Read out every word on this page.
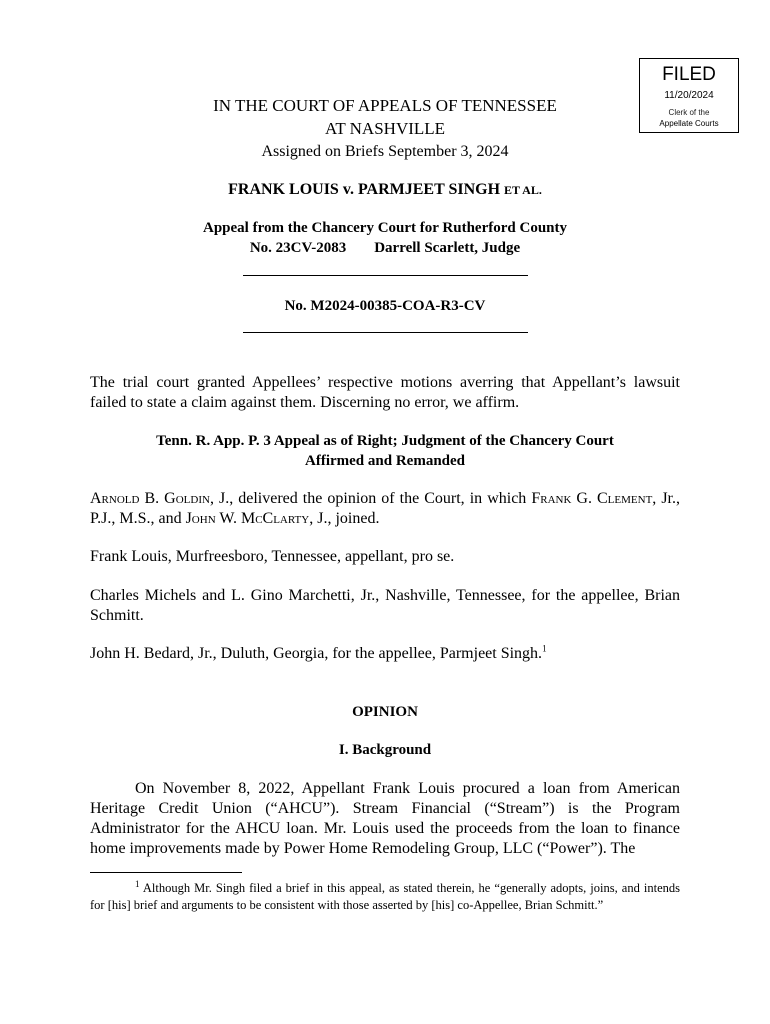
FILED
11/20/2024
Clerk of the
Appellate Courts
IN THE COURT OF APPEALS OF TENNESSEE
AT NASHVILLE
Assigned on Briefs September 3, 2024
FRANK LOUIS v. PARMJEET SINGH ET AL.
Appeal from the Chancery Court for Rutherford County
No. 23CV-2083 Darrell Scarlett, Judge
No. M2024-00385-COA-R3-CV
The trial court granted Appellees’ respective motions averring that Appellant’s lawsuit failed to state a claim against them. Discerning no error, we affirm.
Tenn. R. App. P. 3 Appeal as of Right; Judgment of the Chancery Court
Affirmed and Remanded
Arnold B. Goldin, J., delivered the opinion of the Court, in which Frank G. Clement, Jr., P.J., M.S., and John W. McClarty, J., joined.
Frank Louis, Murfreesboro, Tennessee, appellant, pro se.
Charles Michels and L. Gino Marchetti, Jr., Nashville, Tennessee, for the appellee, Brian Schmitt.
John H. Bedard, Jr., Duluth, Georgia, for the appellee, Parmjeet Singh.$^1$
OPINION
I. Background
On November 8, 2022, Appellant Frank Louis procured a loan from American Heritage Credit Union (“AHCU”). Stream Financial (“Stream”) is the Program Administrator for the AHCU loan. Mr. Louis used the proceeds from the loan to finance home improvements made by Power Home Remodeling Group, LLC (“Power”). The
$^1$ Although Mr. Singh filed a brief in this appeal, as stated therein, he “generally adopts, joins, and intends for [his] brief and arguments to be consistent with those asserted by [his] co-Appellee, Brian Schmitt.”
